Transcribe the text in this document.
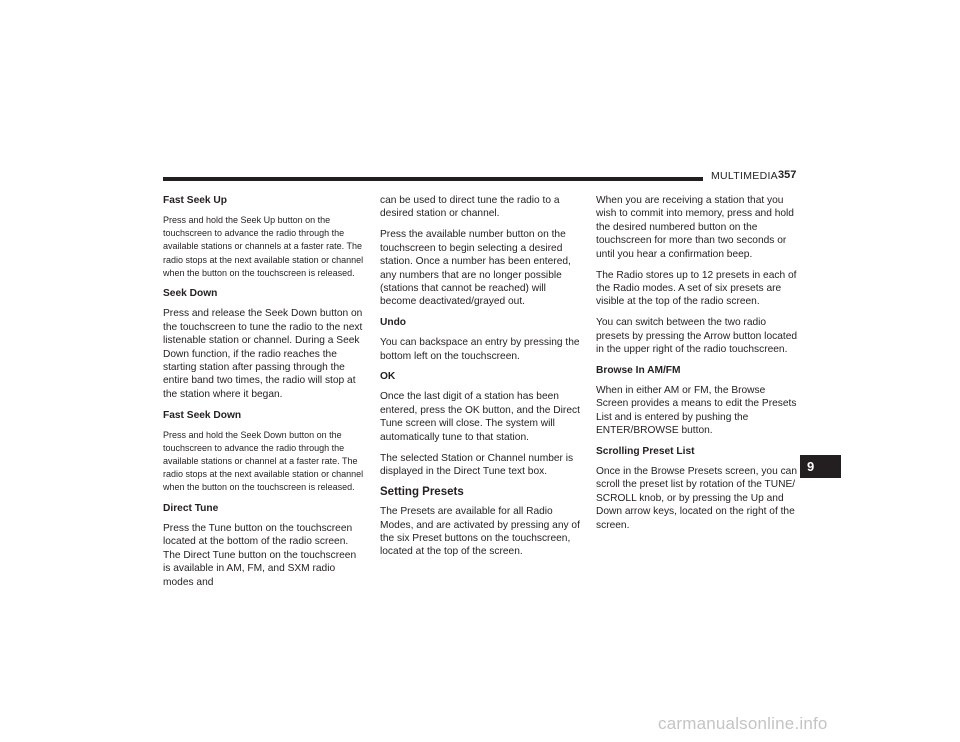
MULTIMEDIA 357

Fast Seek Up

Press and hold the Seek Up button on the touchscreen to advance the radio through the available stations or channels at a faster rate. The radio stops at the next available station or channel when the button on the touchscreen is released.

Seek Down

Press and release the Seek Down button on the touchscreen to tune the radio to the next listenable station or channel. During a Seek Down function, if the radio reaches the starting station after passing through the entire band two times, the radio will stop at the station where it began.

Fast Seek Down

Press and hold the Seek Down button on the touchscreen to advance the radio through the available stations or channel at a faster rate. The radio stops at the next available station or channel when the button on the touchscreen is released.

Direct Tune

Press the Tune button on the touchscreen located at the bottom of the radio screen. The Direct Tune button on the touchscreen is available in AM, FM, and SXM radio modes and

can be used to direct tune the radio to a desired station or channel.

Press the available number button on the touchscreen to begin selecting a desired station. Once a number has been entered, any numbers that are no longer possible (stations that cannot be reached) will become deactivated/grayed out.

Undo

You can backspace an entry by pressing the bottom left on the touchscreen.

OK

Once the last digit of a station has been entered, press the OK button, and the Direct Tune screen will close. The system will automatically tune to that station.

The selected Station or Channel number is displayed in the Direct Tune text box.

Setting Presets

The Presets are available for all Radio Modes, and are activated by pressing any of the six Preset buttons on the touchscreen, located at the top of the screen.

When you are receiving a station that you wish to commit into memory, press and hold the desired numbered button on the touchscreen for more than two seconds or until you hear a confirmation beep.

The Radio stores up to 12 presets in each of the Radio modes. A set of six presets are visible at the top of the radio screen.

You can switch between the two radio presets by pressing the Arrow button located in the upper right of the radio touchscreen.

Browse In AM/FM

When in either AM or FM, the Browse Screen provides a means to edit the Presets List and is entered by pushing the ENTER/BROWSE button.

Scrolling Preset List

Once in the Browse Presets screen, you can scroll the preset list by rotation of the TUNE/ SCROLL knob, or by pressing the Up and Down arrow keys, located on the right of the screen.

9
carmanualsonline.info
